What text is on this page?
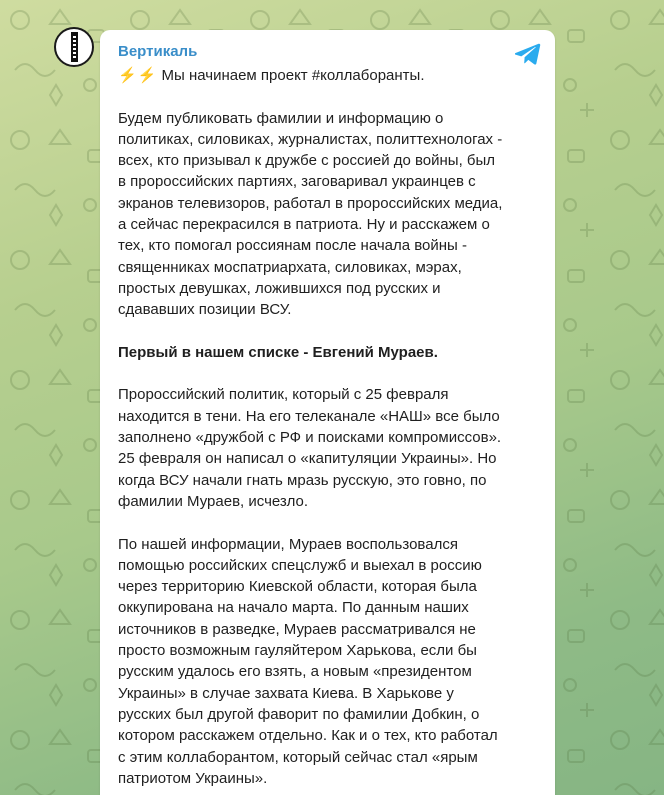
Вертикаль

⚡⚡ Мы начинаем проект #коллаборанты.

Будем публиковать фамилии и информацию о
политиках, силовиках, журналистах, политтехнологах -
всех, кто призывал к дружбе с россией до войны, был
в пророссийских партиях, заговаривал украинцев с
экранов телевизоров, работал в пророссийских медиа,
а сейчас перекрасился в патриота. Ну и расскажем о
тех, кто помогал россиянам после начала войны -
священниках моспатриархата, силовиках, мэрах,
простых девушках, ложившихся под русских и
сдававших позиции ВСУ.

Первый в нашем списке - Евгений Мураев.

Пророссийский политик, который с 25 февраля
находится в тени. На его телеканале «НАШ» все было
заполнено «дружбой с РФ и поисками компромиссов».
25 февраля он написал о «капитуляции Украины». Но
когда ВСУ начали гнать мразь русскую, это говно, по
фамилии Мураев, исчезло.

По нашей информации, Мураев воспользовался
помощью российских спецслужб и выехал в россию
через территорию Киевской области, которая была
оккупирована на начало марта. По данным наших
источников в разведке, Мураев рассматривался не
просто возможным гауляйтером Харькова, если бы
русским удалось его взять, а новым «президентом
Украины» в случае захвата Киева. В Харькове у
русских был другой фаворит по фамилии Добкин, о
котором расскажем отдельно. Как и о тех, кто работал
с этим коллаборантом, который сейчас стал «ярым
патриотом Украины».
